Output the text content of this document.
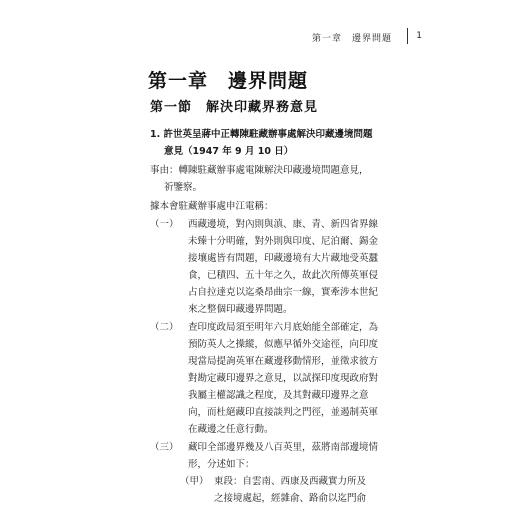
第一章　邊界問題	1
第一章　邊界問題
第一節　解決印藏界務意見
1. 許世英呈蔣中正轉陳駐藏辦事處解決印藏邊境問題
意見（1947 年 9 月 10 日）
事由：轉陳駐藏辦事處電陳解決印藏邊境問題意見，
祈鑒察。
據本會駐藏辦事處申江電稱：
（一） 西藏邊境，對內則與滇、康、青、新四省界線
未臻十分明確，對外則與印度、尼泊爾、錫金
接壤處皆有問題，印藏邊境有大片藏地受英蠶
食，已積四、五十年之久，故此次所傳英軍侵
占自拉達克以迄桑昂曲宗一線，實牽涉本世紀
來之整個印藏邊界問題。
（二） 查印度政局須至明年六月底始能全部確定，為
預防英人之操縱，似應早循外交途徑，向印度
現當局提詢英軍在藏邊移動情形，並徵求彼方
對勘定藏印邊界之意見，以試探印度現政府對
我屬主權認識之程度，及其對藏印邊界之意
向，而杜絕藏印直接談判之門徑，並遏制英軍
在藏邊之任意行動。
（三） 藏印全部邊界幾及八百英里，茲將南部邊境情
形，分述如下：
（甲） 東段：自雲南、西康及西藏實力所及
之接境處起，經雜俞、路俞以迄門俞
